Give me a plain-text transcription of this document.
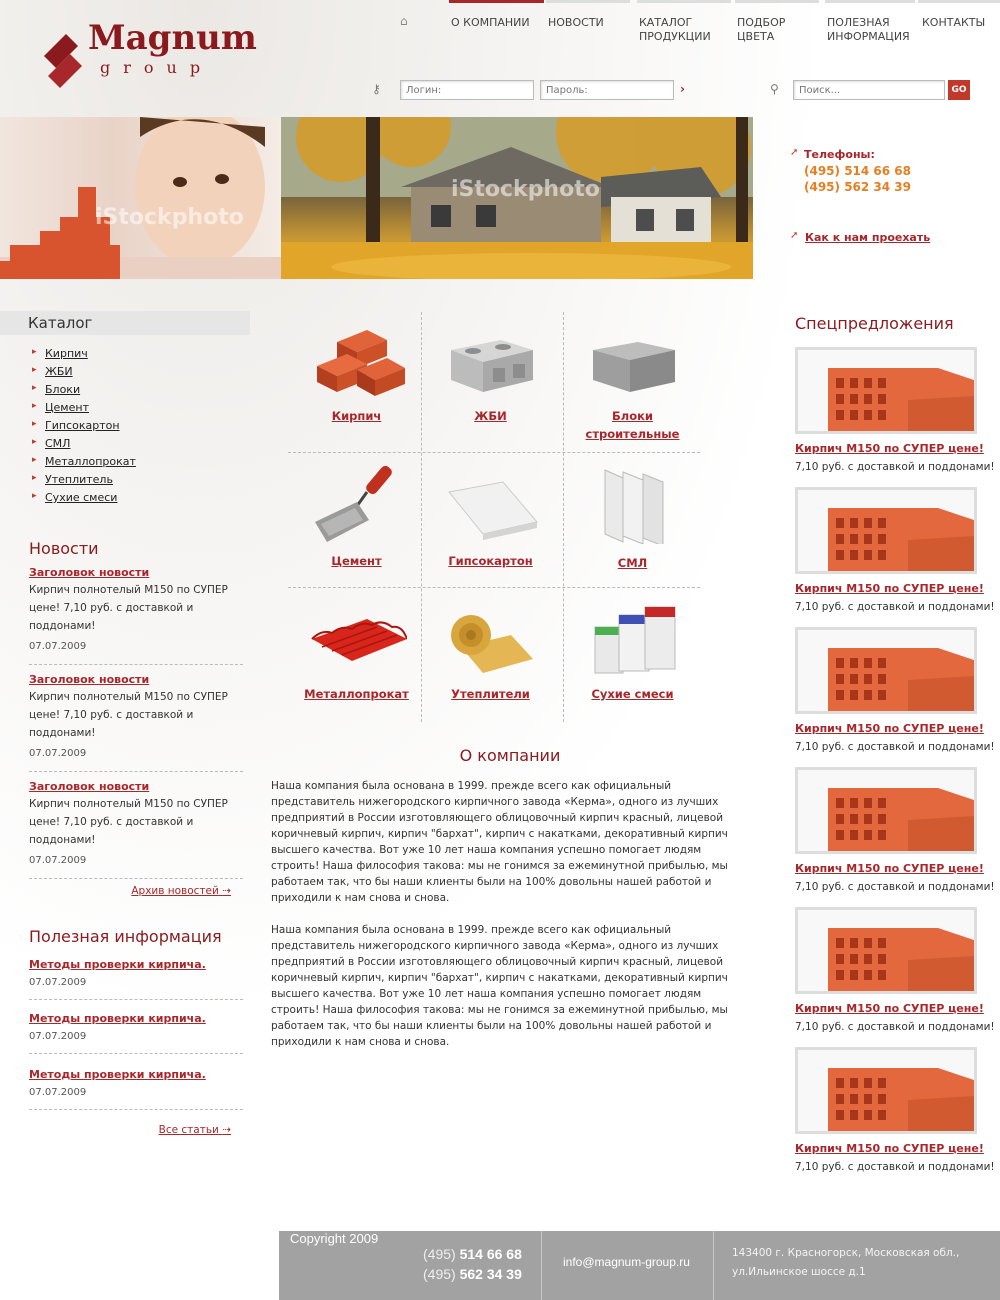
Magnum
group
⌂	О КОМПАНИИ	НОВОСТИ	КАТАЛОГ ПРОДУКЦИИ
ПОДБОР ЦВЕТА
ПОЛЕЗНАЯ ИНФОРМАЦИЯ
КОНТАКТЫ
⚷
Логин:	›	⚲
Поиск...	GO
iStockphoto
iStockphoto
➚ Телефоны:
(495) 514 66 68
(495) 562 34 39
➚ Как к нам проехать
Каталог
▸ Кирпич
▸ ЖБИ
▸ Блоки
▸ Цемент
▸ Гипсокартон
▸ СМЛ
▸ Металлопрокат
▸ Утеплитель
▸ Сухие смеси
Новости
Заголовок новости
Кирпич полнотелый М150 по СУПЕР цене! 7,10 руб. с доставкой и поддонами!
07.07.2009
Заголовок новости
Кирпич полнотелый М150 по СУПЕР цене! 7,10 руб. с доставкой и поддонами!
07.07.2009
Заголовок новости
Кирпич полнотелый М150 по СУПЕР цене! 7,10 руб. с доставкой и поддонами!
07.07.2009
Архив новостей ⇢
Полезная информация
Методы проверки кирпича.
07.07.2009
Методы проверки кирпича.
07.07.2009
Методы проверки кирпича.
07.07.2009
Все статьи ⇢
Кирпич	ЖБИ	Блоки строительные
Цемент	Гипсокартон	СМЛ
Металлопрокат	Утеплители	Сухие смеси
О компании

Наша компания была основана в 1999. прежде всего как официальный представитель нижегородского кирпичного завода «Керма», одного из лучших предприятий в России изготовляющего облицовочный кирпич красный, лицевой коричневый кирпич, кирпич "бархат", кирпич с накатками, декоративный кирпич высшего качества. Вот уже 10 лет наша компания успешно помогает людям строить! Наша философия такова: мы не гонимся за ежеминутной прибылью, мы работаем так, что бы наши клиенты были на 100% довольны нашей работой и приходили к нам снова и снова.

Наша компания была основана в 1999. прежде всего как официальный представитель нижегородского кирпичного завода «Керма», одного из лучших предприятий в России изготовляющего облицовочный кирпич красный, лицевой коричневый кирпич, кирпич "бархат", кирпич с накатками, декоративный кирпич высшего качества. Вот уже 10 лет наша компания успешно помогает людям строить! Наша философия такова: мы не гонимся за ежеминутной прибылью, мы работаем так, что бы наши клиенты были на 100% довольны нашей работой и приходили к нам снова и снова.

Спецпредложения
Кирпич М150 по СУПЕР цене!
7,10 руб. с доставкой и поддонами!
Кирпич М150 по СУПЕР цене!
7,10 руб. с доставкой и поддонами!
Кирпич М150 по СУПЕР цене!
7,10 руб. с доставкой и поддонами!
Кирпич М150 по СУПЕР цене!
7,10 руб. с доставкой и поддонами!
Кирпич М150 по СУПЕР цене!
7,10 руб. с доставкой и поддонами!
Кирпич М150 по СУПЕР цене!
7,10 руб. с доставкой и поддонами!
Copyright 2009
(495) 514 66 68
(495) 562 34 39
info@magnum-group.ru
143400 г. Красногорск, Московская обл.,
ул.Ильинское шоссе д.1
